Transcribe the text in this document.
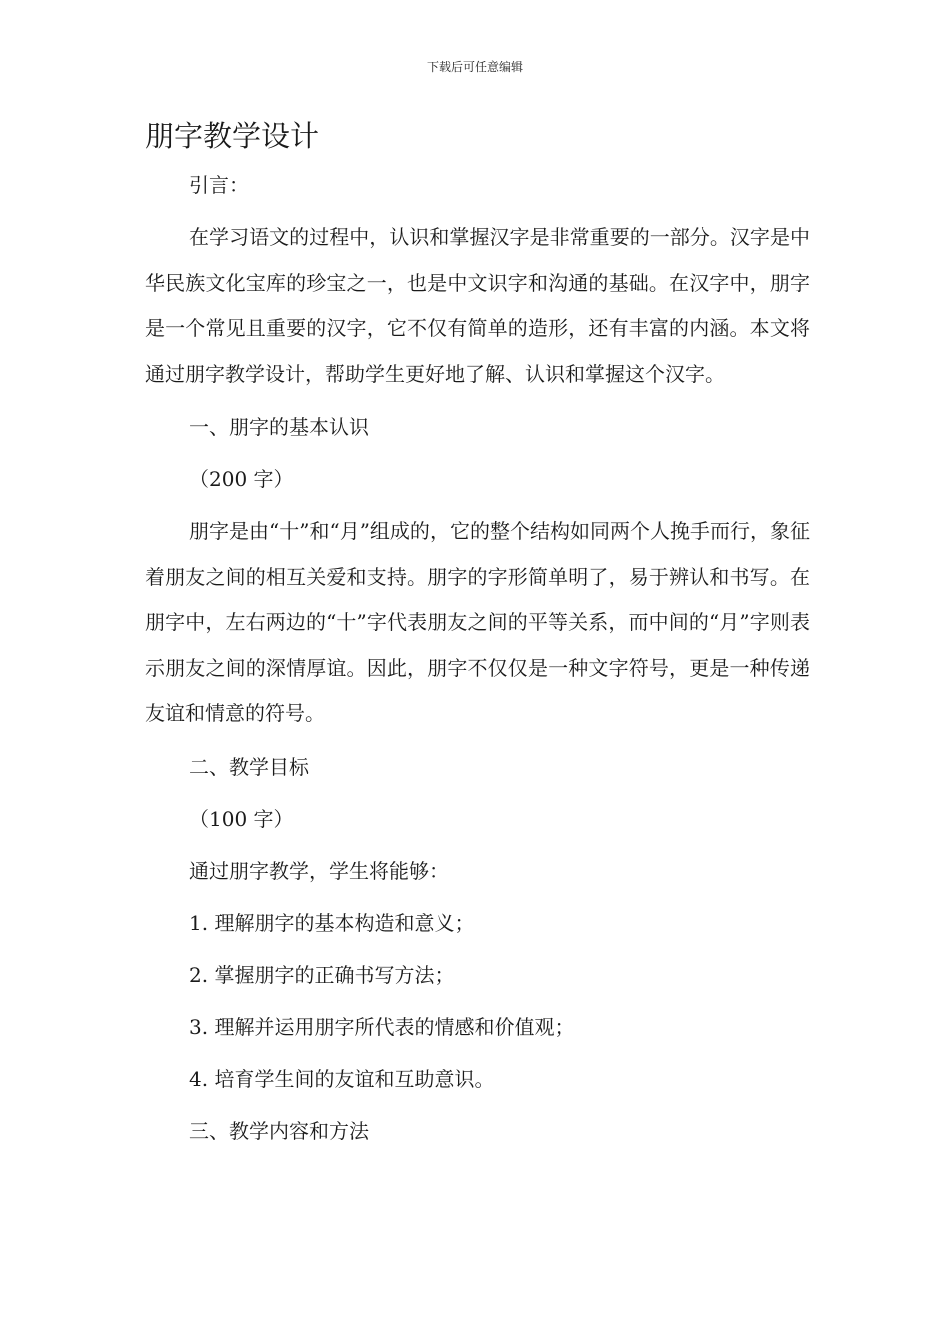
下载后可任意编辑
朋字教学设计

引言：

在学习语文的过程中，认识和掌握汉字是非常重要的一部分。汉字是中华民族文化宝库的珍宝之一，也是中文识字和沟通的基础。在汉字中，朋字是一个常见且重要的汉字，它不仅有简单的造形，还有丰富的内涵。本文将通过朋字教学设计，帮助学生更好地了解、认识和掌握这个汉字。

一、朋字的基本认识

（200 字）

朋字是由“十”和“月”组成的，它的整个结构如同两个人挽手而行，象征着朋友之间的相互关爱和支持。朋字的字形简单明了，易于辨认和书写。在朋字中，左右两边的“十”字代表朋友之间的平等关系，而中间的“月”字则表示朋友之间的深情厚谊。因此，朋字不仅仅是一种文字符号，更是一种传递友谊和情意的符号。

二、教学目标

（100 字）

通过朋字教学，学生将能够：

1. 理解朋字的基本构造和意义；

2. 掌握朋字的正确书写方法；

3. 理解并运用朋字所代表的情感和价值观；

4. 培育学生间的友谊和互助意识。

三、教学内容和方法
